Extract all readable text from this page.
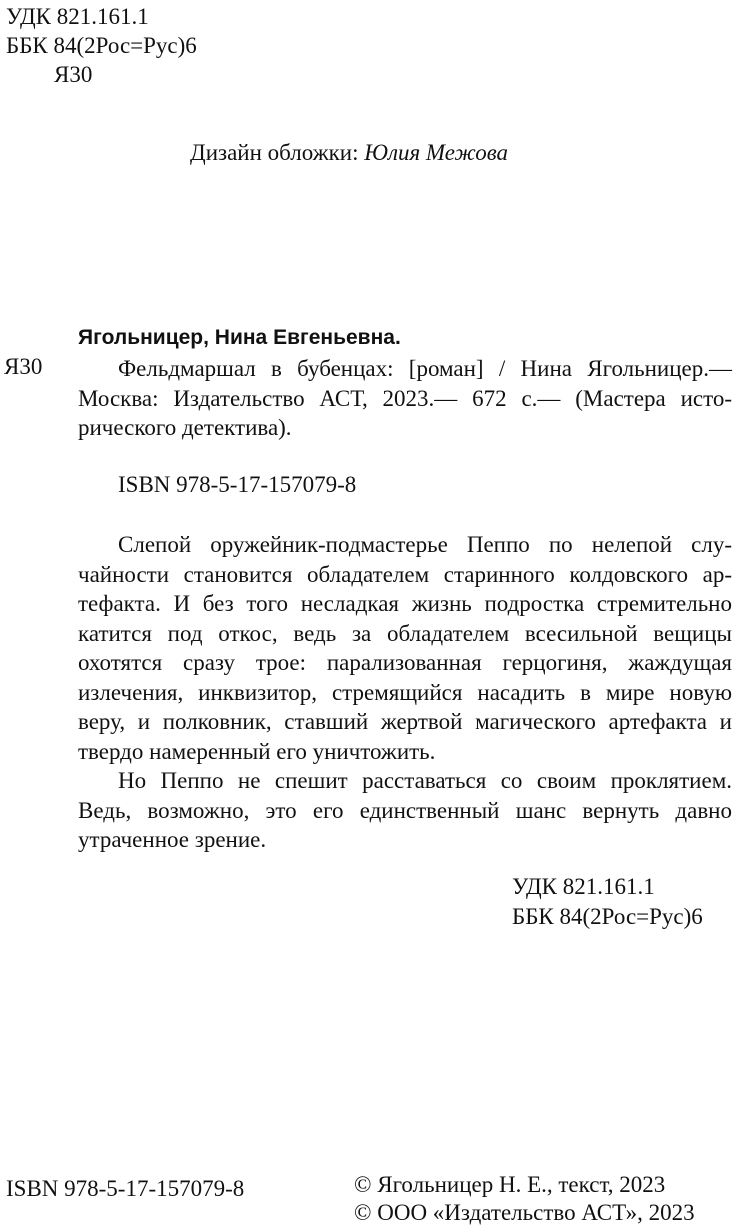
УДК 821.161.1
ББК 84(2Рос=Рус)6
Я30
Дизайн обложки: Юлия Межова
Ягольницер, Нина Евгеньевна.
Я30	Фельдмаршал в бубенцах: [роман] / Нина Ягольницер.—
Москва: Издательство АСТ, 2023.— 672 с.— (Мастера исто-
рического детектива).
ISBN 978-5-17-157079-8
Слепой оружейник-подмастерье Пеппо по нелепой слу-
чайности становится обладателем старинного колдовского ар-
тефакта. И без того несладкая жизнь подростка стремительно
катится под откос, ведь за обладателем всесильной вещицы
охотятся сразу трое: парализованная герцогиня, жаждущая
излечения, инквизитор, стремящийся насадить в мире новую
веру, и полковник, ставший жертвой магического артефакта и
твердо намеренный его уничтожить.
Но Пеппо не спешит расставаться со своим проклятием.
Ведь, возможно, это его единственный шанс вернуть давно
утраченное зрение.
УДК 821.161.1
ББК 84(2Рос=Рус)6
ISBN 978-5-17-157079-8	© Ягольницер Н. Е., текст, 2023
© ООО «Издательство АСТ», 2023
